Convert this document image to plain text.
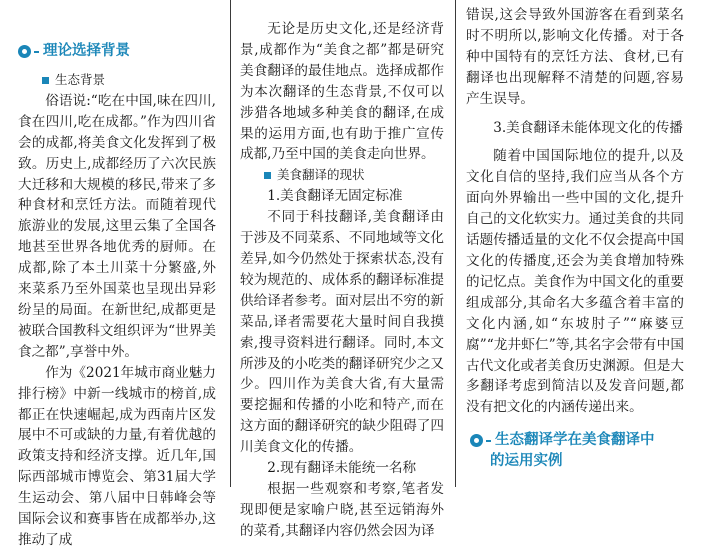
理论选择背景
生态背景

俗语说:“吃在中国,味在四川,食在四川,吃在成都。”作为四川省会的成都,将美食文化发挥到了极致。历史上,成都经历了六次民族大迁移和大规模的移民,带来了多种食材和烹饪方法。而随着现代旅游业的发展,这里云集了全国各地甚至世界各地优秀的厨师。在成都,除了本土川菜十分繁盛,外来菜系乃至外国菜也呈现出异彩纷呈的局面。在新世纪,成都更是被联合国教科文组织评为“世界美食之都”,享誉中外。

作为《2021年城市商业魅力排行榜》中新一线城市的榜首,成都正在快速崛起,成为西南片区发展中不可或缺的力量,有着优越的政策支持和经济支撑。近几年,国际西部城市博览会、第31届大学生运动会、第八届中日韩峰会等国际会议和赛事皆在成都举办,这推动了成

无论是历史文化,还是经济背景,成都作为“美食之都”都是研究美食翻译的最佳地点。选择成都作为本次翻译的生态背景,不仅可以涉猎各地域多种美食的翻译,在成果的运用方面,也有助于推广宣传成都,乃至中国的美食走向世界。

美食翻译的现状

1.美食翻译无固定标准

不同于科技翻译,美食翻译由于涉及不同菜系、不同地域等文化差异,如今仍然处于探索状态,没有较为规范的、成体系的翻译标准提供给译者参考。面对层出不穷的新菜品,译者需要花大量时间自我摸索,搜寻资料进行翻译。同时,本文所涉及的小吃类的翻译研究少之又少。四川作为美食大省,有大量需要挖掘和传播的小吃和特产,而在这方面的翻译研究的缺少阻碍了四川美食文化的传播。

2.现有翻译未能统一名称

根据一些观察和考察,笔者发现即便是家喻户晓,甚至远销海外的菜肴,其翻译内容仍然会因为译

错误,这会导致外国游客在看到菜名时不明所以,影响文化传播。对于各种中国特有的烹饪方法、食材,已有翻译也出现解释不清楚的问题,容易产生误导。

3.美食翻译未能体现文化的传播

随着中国国际地位的提升,以及文化自信的坚持,我们应当从各个方面向外界输出一些中国的文化,提升自己的文化软实力。通过美食的共同话题传播适量的文化不仅会提高中国文化的传播度,还会为美食增加特殊的记忆点。美食作为中国文化的重要组成部分,其命名大多蕴含着丰富的文化内涵,如“东坡肘子”“麻婆豆腐”“龙井虾仁”等,其名字会带有中国古代文化或者美食历史渊源。但是大多翻译考虑到简洁以及发音问题,都没有把文化的内涵传递出来。

生态翻译学在美食翻译中
的运用实例
